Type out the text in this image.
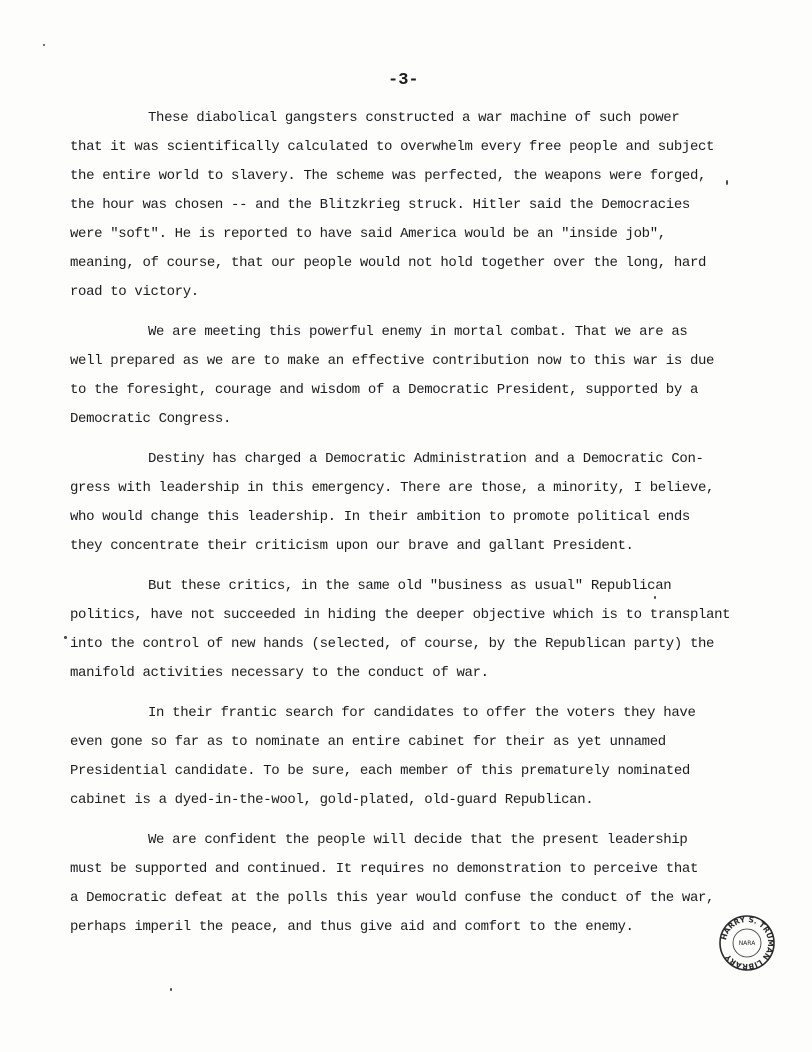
-3-
These diabolical gangsters constructed a war machine of such power
that it was scientifically calculated to overwhelm every free people and subject
the entire world to slavery. The scheme was perfected, the weapons were forged,
the hour was chosen -- and the Blitzkrieg struck. Hitler said the Democracies
were "soft". He is reported to have said America would be an "inside job",
meaning, of course, that our people would not hold together over the long, hard
road to victory.
We are meeting this powerful enemy in mortal combat. That we are as
well prepared as we are to make an effective contribution now to this war is due
to the foresight, courage and wisdom of a Democratic President, supported by a
Democratic Congress.
Destiny has charged a Democratic Administration and a Democratic Con-
gress with leadership in this emergency. There are those, a minority, I believe,
who would change this leadership. In their ambition to promote political ends
they concentrate their criticism upon our brave and gallant President.
But these critics, in the same old "business as usual" Republican
politics, have not succeeded in hiding the deeper objective which is to transplant
into the control of new hands (selected, of course, by the Republican party) the
manifold activities necessary to the conduct of war.
In their frantic search for candidates to offer the voters they have
even gone so far as to nominate an entire cabinet for their as yet unnamed
Presidential candidate. To be sure, each member of this prematurely nominated
cabinet is a dyed-in-the-wool, gold-plated, old-guard Republican.
We are confident the people will decide that the present leadership
must be supported and continued. It requires no demonstration to perceive that
a Democratic defeat at the polls this year would confuse the conduct of the war,
perhaps imperil the peace, and thus give aid and comfort to the enemy.
HARRY S. TRUMAN LIBRARY
NARA
